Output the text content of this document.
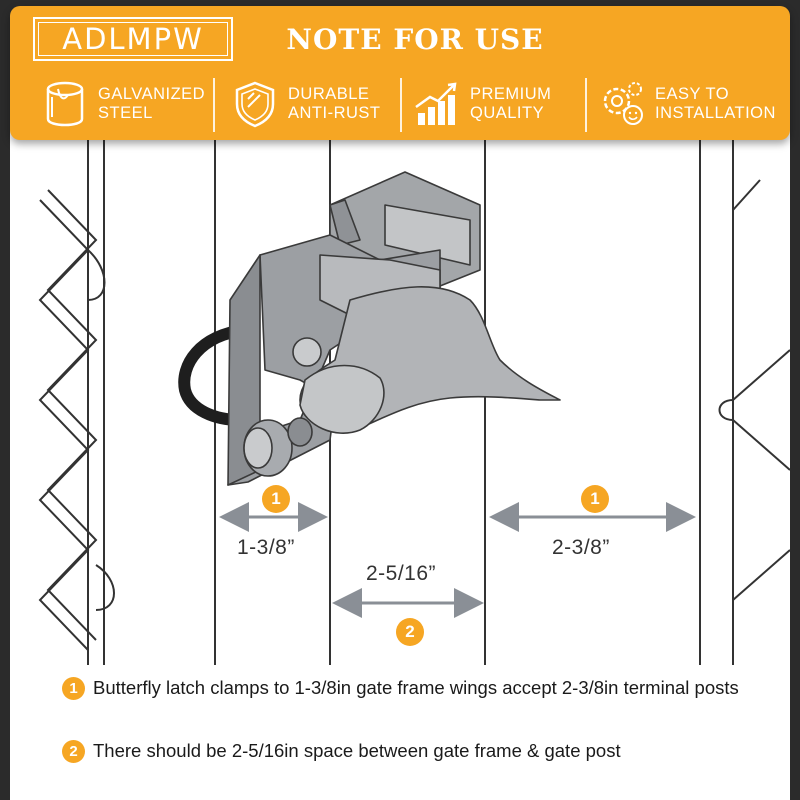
1
1-3/8”
2-5/16”
2
1
2-3/8”
1 Butterfly latch clamps to 1-3/8in gate frame wings accept 2-3/8in terminal posts
2 There should be 2-5/16in space between gate frame & gate post
ADLMPW	NOTE FOR USE
GALVANIZED
STEEL
DURABLE
ANTI-RUST
PREMIUM
QUALITY
EASY TO
INSTALLATION
